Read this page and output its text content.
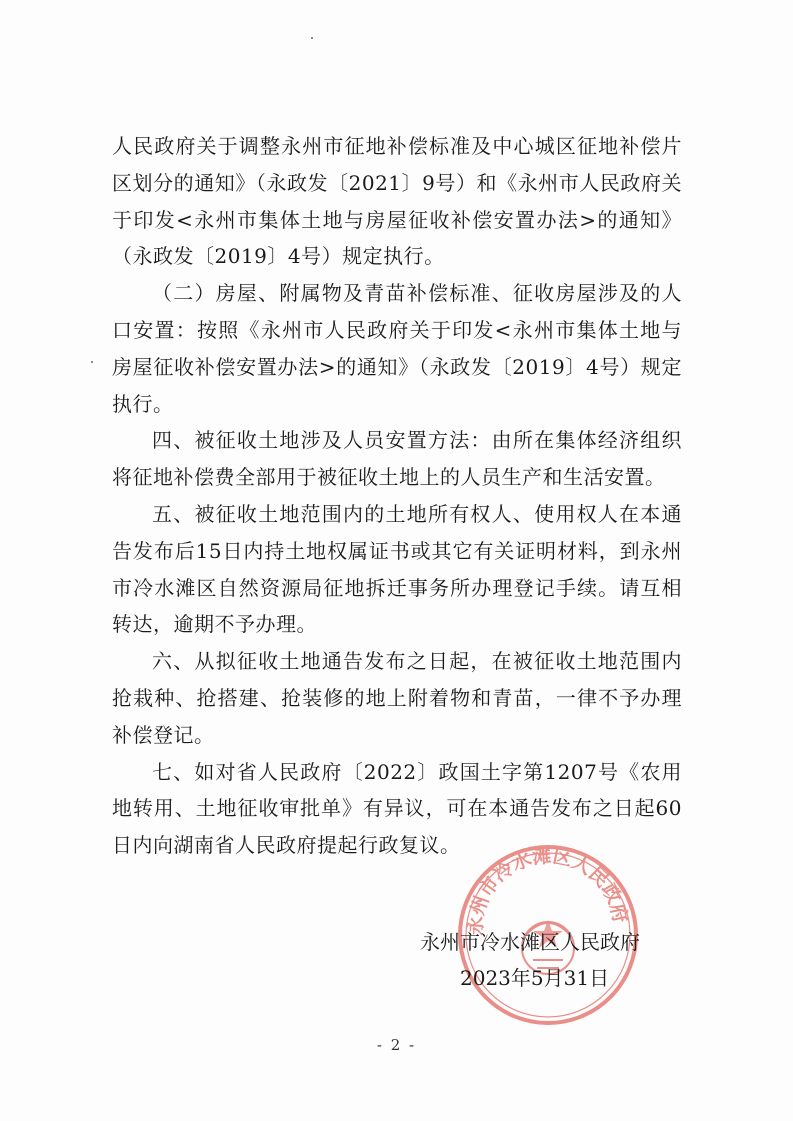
人民政府关于调整永州市征地补偿标准及中心城区征地补偿片区划分的通知》（永政发〔2021〕9号）和《永州市人民政府关于印发<永州市集体土地与房屋征收补偿安置办法>的通知》（永政发〔2019〕4号）规定执行。

（二）房屋、附属物及青苗补偿标准、征收房屋涉及的人口安置：按照《永州市人民政府关于印发<永州市集体土地与房屋征收补偿安置办法>的通知》（永政发〔2019〕4号）规定执行。

四、被征收土地涉及人员安置方法：由所在集体经济组织将征地补偿费全部用于被征收土地上的人员生产和生活安置。

五、被征收土地范围内的土地所有权人、使用权人在本通告发布后15日内持土地权属证书或其它有关证明材料，到永州市冷水滩区自然资源局征地拆迁事务所办理登记手续。请互相转达，逾期不予办理。

六、从拟征收土地通告发布之日起，在被征收土地范围内抢栽种、抢搭建、抢装修的地上附着物和青苗，一律不予办理补偿登记。

七、如对省人民政府〔2022〕政国土字第1207号《农用地转用、土地征收审批单》有异议，可在本通告发布之日起60日内向湖南省人民政府提起行政复议。

永州市冷水滩区人民政府
永州市冷水滩区人民政府
2023年5月31日
- 2 -
